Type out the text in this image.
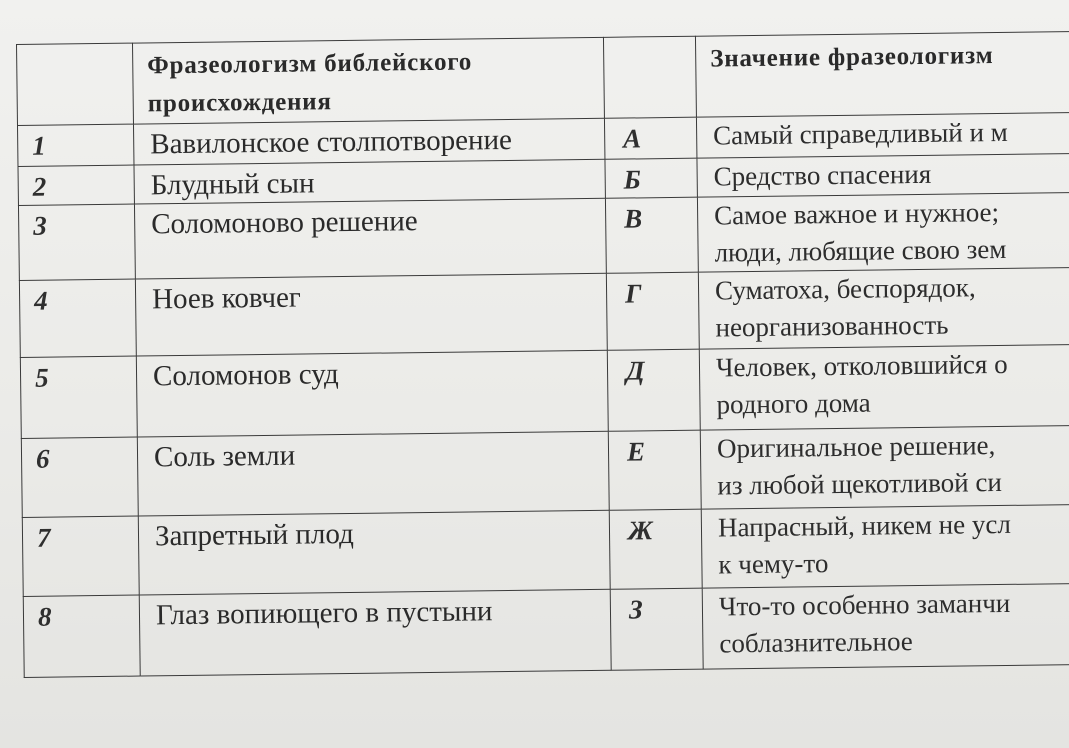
	Фразеологизм библейского
происхождения		Значение фразеологизм

1	Вавилонское столпотворение	А	Самый справедливый и м

2	Блудный сын	Б	Средство спасения

3	Соломоново решение	В	Самое важное и нужное;
люди, любящие свою зем

4	Ноев ковчег	Г	Суматоха, беспорядок,
неорганизованность

5	Соломонов суд	Д	Человек, отколовшийся о
родного дома

6	Соль земли	Е	Оригинальное решение,
из любой щекотливой си

7	Запретный плод	Ж	Напрасный, никем не усл
к чему-то

8	Глаз вопиющего в пустыни	З	Что-то особенно заманчи
соблазнительное
